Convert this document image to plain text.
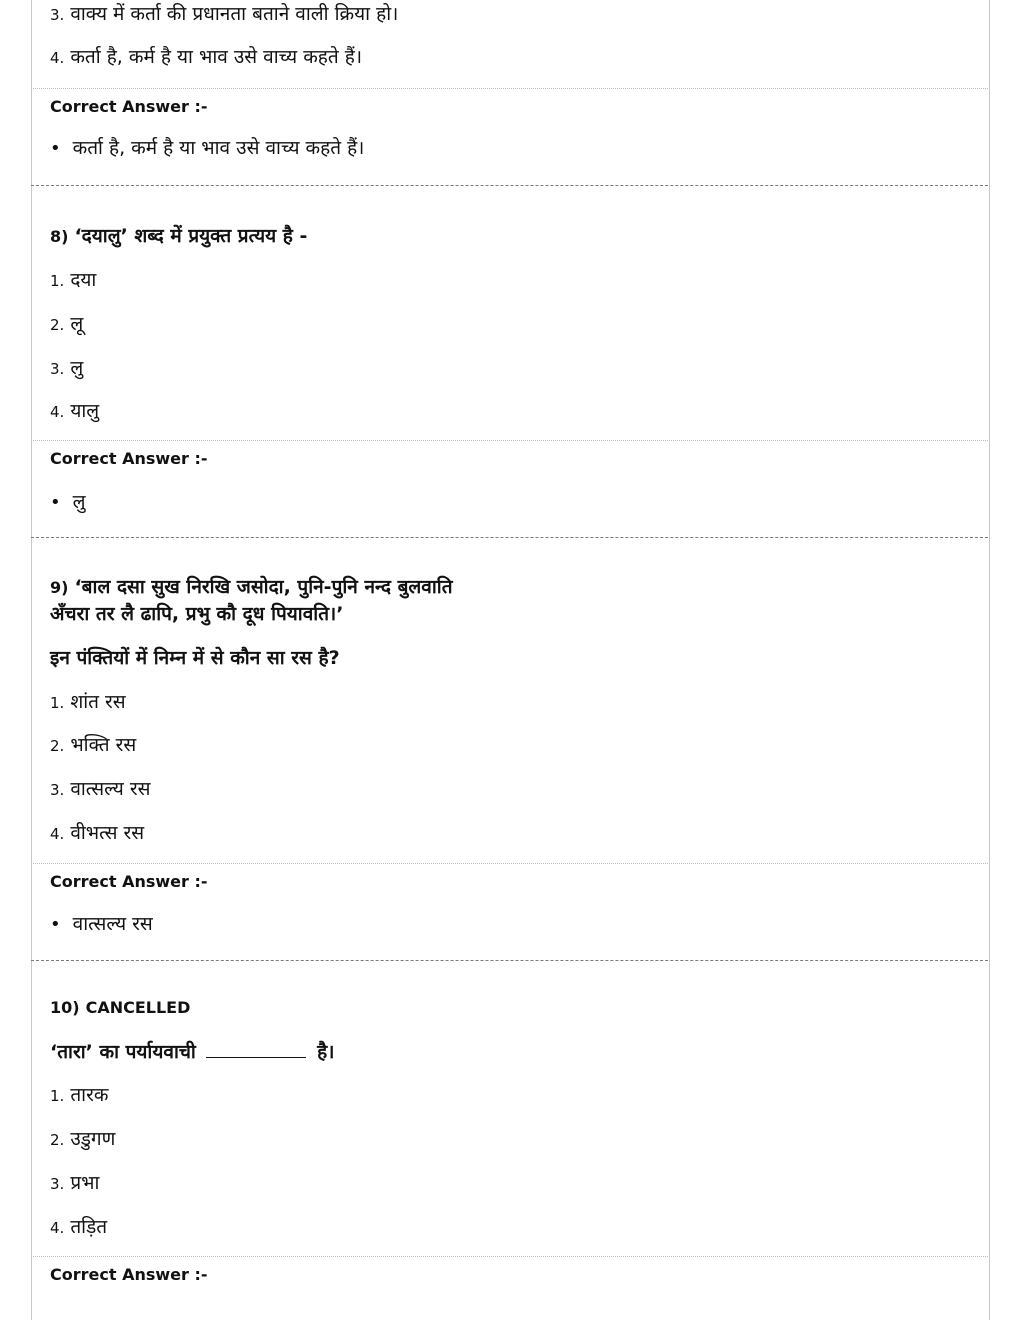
3. वाक्य में कर्ता की प्रधानता बताने वाली क्रिया हो।
4. कर्ता है, कर्म है या भाव उसे वाच्य कहते हैं।
Correct Answer :-
• कर्ता है, कर्म है या भाव उसे वाच्य कहते हैं।
8) ‘दयालु’ शब्द में प्रयुक्त प्रत्यय है -
1. दया
2. लू
3. लु
4. यालु
Correct Answer :-
• लु
9) ‘बाल दसा सुख निरखि जसोदा, पुनि-पुनि नन्द बुलवाति
अँचरा तर लै ढापि, प्रभु कौ दूध पियावति।’
इन पंक्तियों में निम्न में से कौन सा रस है?
1. शांत रस
2. भक्ति रस
3. वात्सल्य रस
4. वीभत्स रस
Correct Answer :-
• वात्सल्य रस
10) CANCELLED
‘तारा’ का पर्यायवाची	है।
1. तारक
2. उडुगण
3. प्रभा
4. तड़ित
Correct Answer :-
